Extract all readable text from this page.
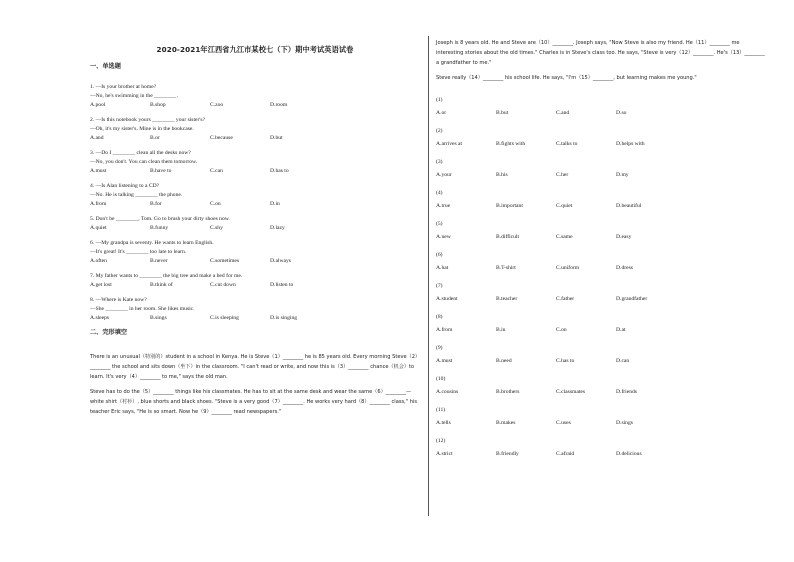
2020-2021年江西省九江市某校七（下）期中考试英语试卷
一、单选题
1. —Is your brother at home?
—No, he's swimming in the ________.
A.pool	B.shop	C.zoo	D.room
2. —Is this notebook yours ________ your sister's?
—Oh, it's my sister's. Mine is in the bookcase.
A.and	B.or	C.because	D.but
3. —Do I ________ clean all the desks now?
—No, you don't. You can clean them tomorrow.
A.must	B.have to	C.can	D.has to
4. —Is Alan listening to a CD?
—No. He is talking ________ the phone.
A.from	B.for	C.on	D.in
5. Don't be ________, Tom. Go to brush your dirty shoes now.
A.quiet	B.funny	C.shy	D.lazy
6. —My grandpa is seventy. He wants to learn English.
—It's great! It's ________ too late to learn.
A.often	B.never	C.sometimes	D.always
7. My father wants to ________ the big tree and make a bed for me.
A.get lost	B.think of	C.cut down	D.listen to
8. —Where is Kate now?
—She ________ in her room. She likes music.
A.sleeps	B.sings	C.is sleeping	D.is singing
二、完形填空
There is an unusual（特別的）student in a school in Kenya. He is Steve（1）________ he is 85 years old. Every morning Steve（2）________ the school and sits down（坐下）in the classroom. "I can't read or write, and now this is（3）________ chance（机会）to learn. It's very（4）________ to me," says the old man.
Steve has to do the（5）________ things like his classmates. He has to sit at the same desk and wear the same（6）________—white shirt（衬衫）, blue shorts and black shoes. "Steve is a very good（7）________. He works very hard（8）________ class," his teacher Eric says, "He is so smart. Now he（9）________ read newspapers."
Joseph is 8 years old. He and Steve are（10）________. Joseph says, "Now Steve is also my friend. He（11）________ me interesting stories about the old times." Charles is in Steve's class too. He says, "Steve is very（12）________. He's（13）________ a grandfather to me."
Steve really（14）________ his school life. He says, "I'm（15）________, but learning makes me young."
(1)
A.or	B.but	C.and	D.so
(2)
A.arrives at	B.fights with	C.talks to	D.helps with
(3)
A.your	B.his	C.her	D.my
(4)
A.true	B.important	C.quiet	D.beautiful
(5)
A.new	B.difficult	C.same	D.easy
(6)
A.hat	B.T-shirt	C.uniform	D.dress
(7)
A.student	B.teacher	C.father	D.grandfather
(8)
A.from	B.in	C.on	D.at
(9)
A.must	B.need	C.has to	D.can
(10)
A.cousins	B.brothers	C.classmates	D.friends
(11)
A.tells	B.makes	C.uses	D.sings
(12)
A.strict	B.friendly	C.afraid	D.delicious
